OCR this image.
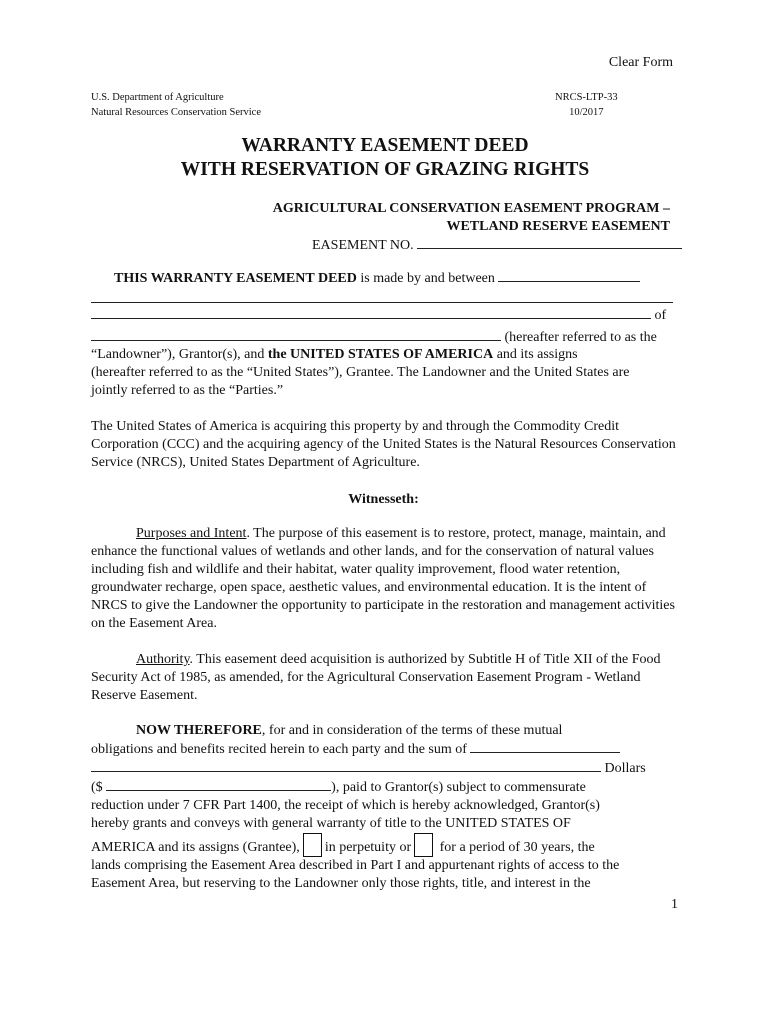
Clear Form
U.S. Department of Agriculture
Natural Resources Conservation Service
NRCS-LTP-33
10/2017
WARRANTY EASEMENT DEED
WITH RESERVATION OF GRAZING RIGHTS
AGRICULTURAL CONSERVATION EASEMENT PROGRAM –
WETLAND RESERVE EASEMENT
EASEMENT NO.
THIS WARRANTY EASEMENT DEED is made by and between
of
(hereafter referred to as the
“Landowner”), Grantor(s), and the UNITED STATES OF AMERICA and its assigns
(hereafter referred to as the “United States”), Grantee. The Landowner and the United States are
jointly referred to as the “Parties.”
The United States of America is acquiring this property by and through the Commodity Credit Corporation (CCC) and the acquiring agency of the United States is the Natural Resources Conservation Service (NRCS), United States Department of Agriculture.
Witnesseth:

Purposes and Intent. The purpose of this easement is to restore, protect, manage, maintain, and enhance the functional values of wetlands and other lands, and for the conservation of natural values including fish and wildlife and their habitat, water quality improvement, flood water retention, groundwater recharge, open space, aesthetic values, and environmental education. It is the intent of NRCS to give the Landowner the opportunity to participate in the restoration and management activities on the Easement Area.

Authority. This easement deed acquisition is authorized by Subtitle H of Title XII of the Food Security Act of 1985, as amended, for the Agricultural Conservation Easement Program - Wetland Reserve Easement.

NOW THEREFORE, for and in consideration of the terms of these mutual
obligations and benefits recited herein to each party and the sum of
Dollars
($	), paid to Grantor(s) subject to commensurate
reduction under 7 CFR Part 1400, the receipt of which is hereby acknowledged, Grantor(s)
hereby grants and conveys with general warranty of title to the UNITED STATES OF
AMERICA and its assigns (Grantee), in perpetuity or for a period of 30 years, the
lands comprising the Easement Area described in Part I and appurtenant rights of access to the
Easement Area, but reserving to the Landowner only those rights, title, and interest in the
1
